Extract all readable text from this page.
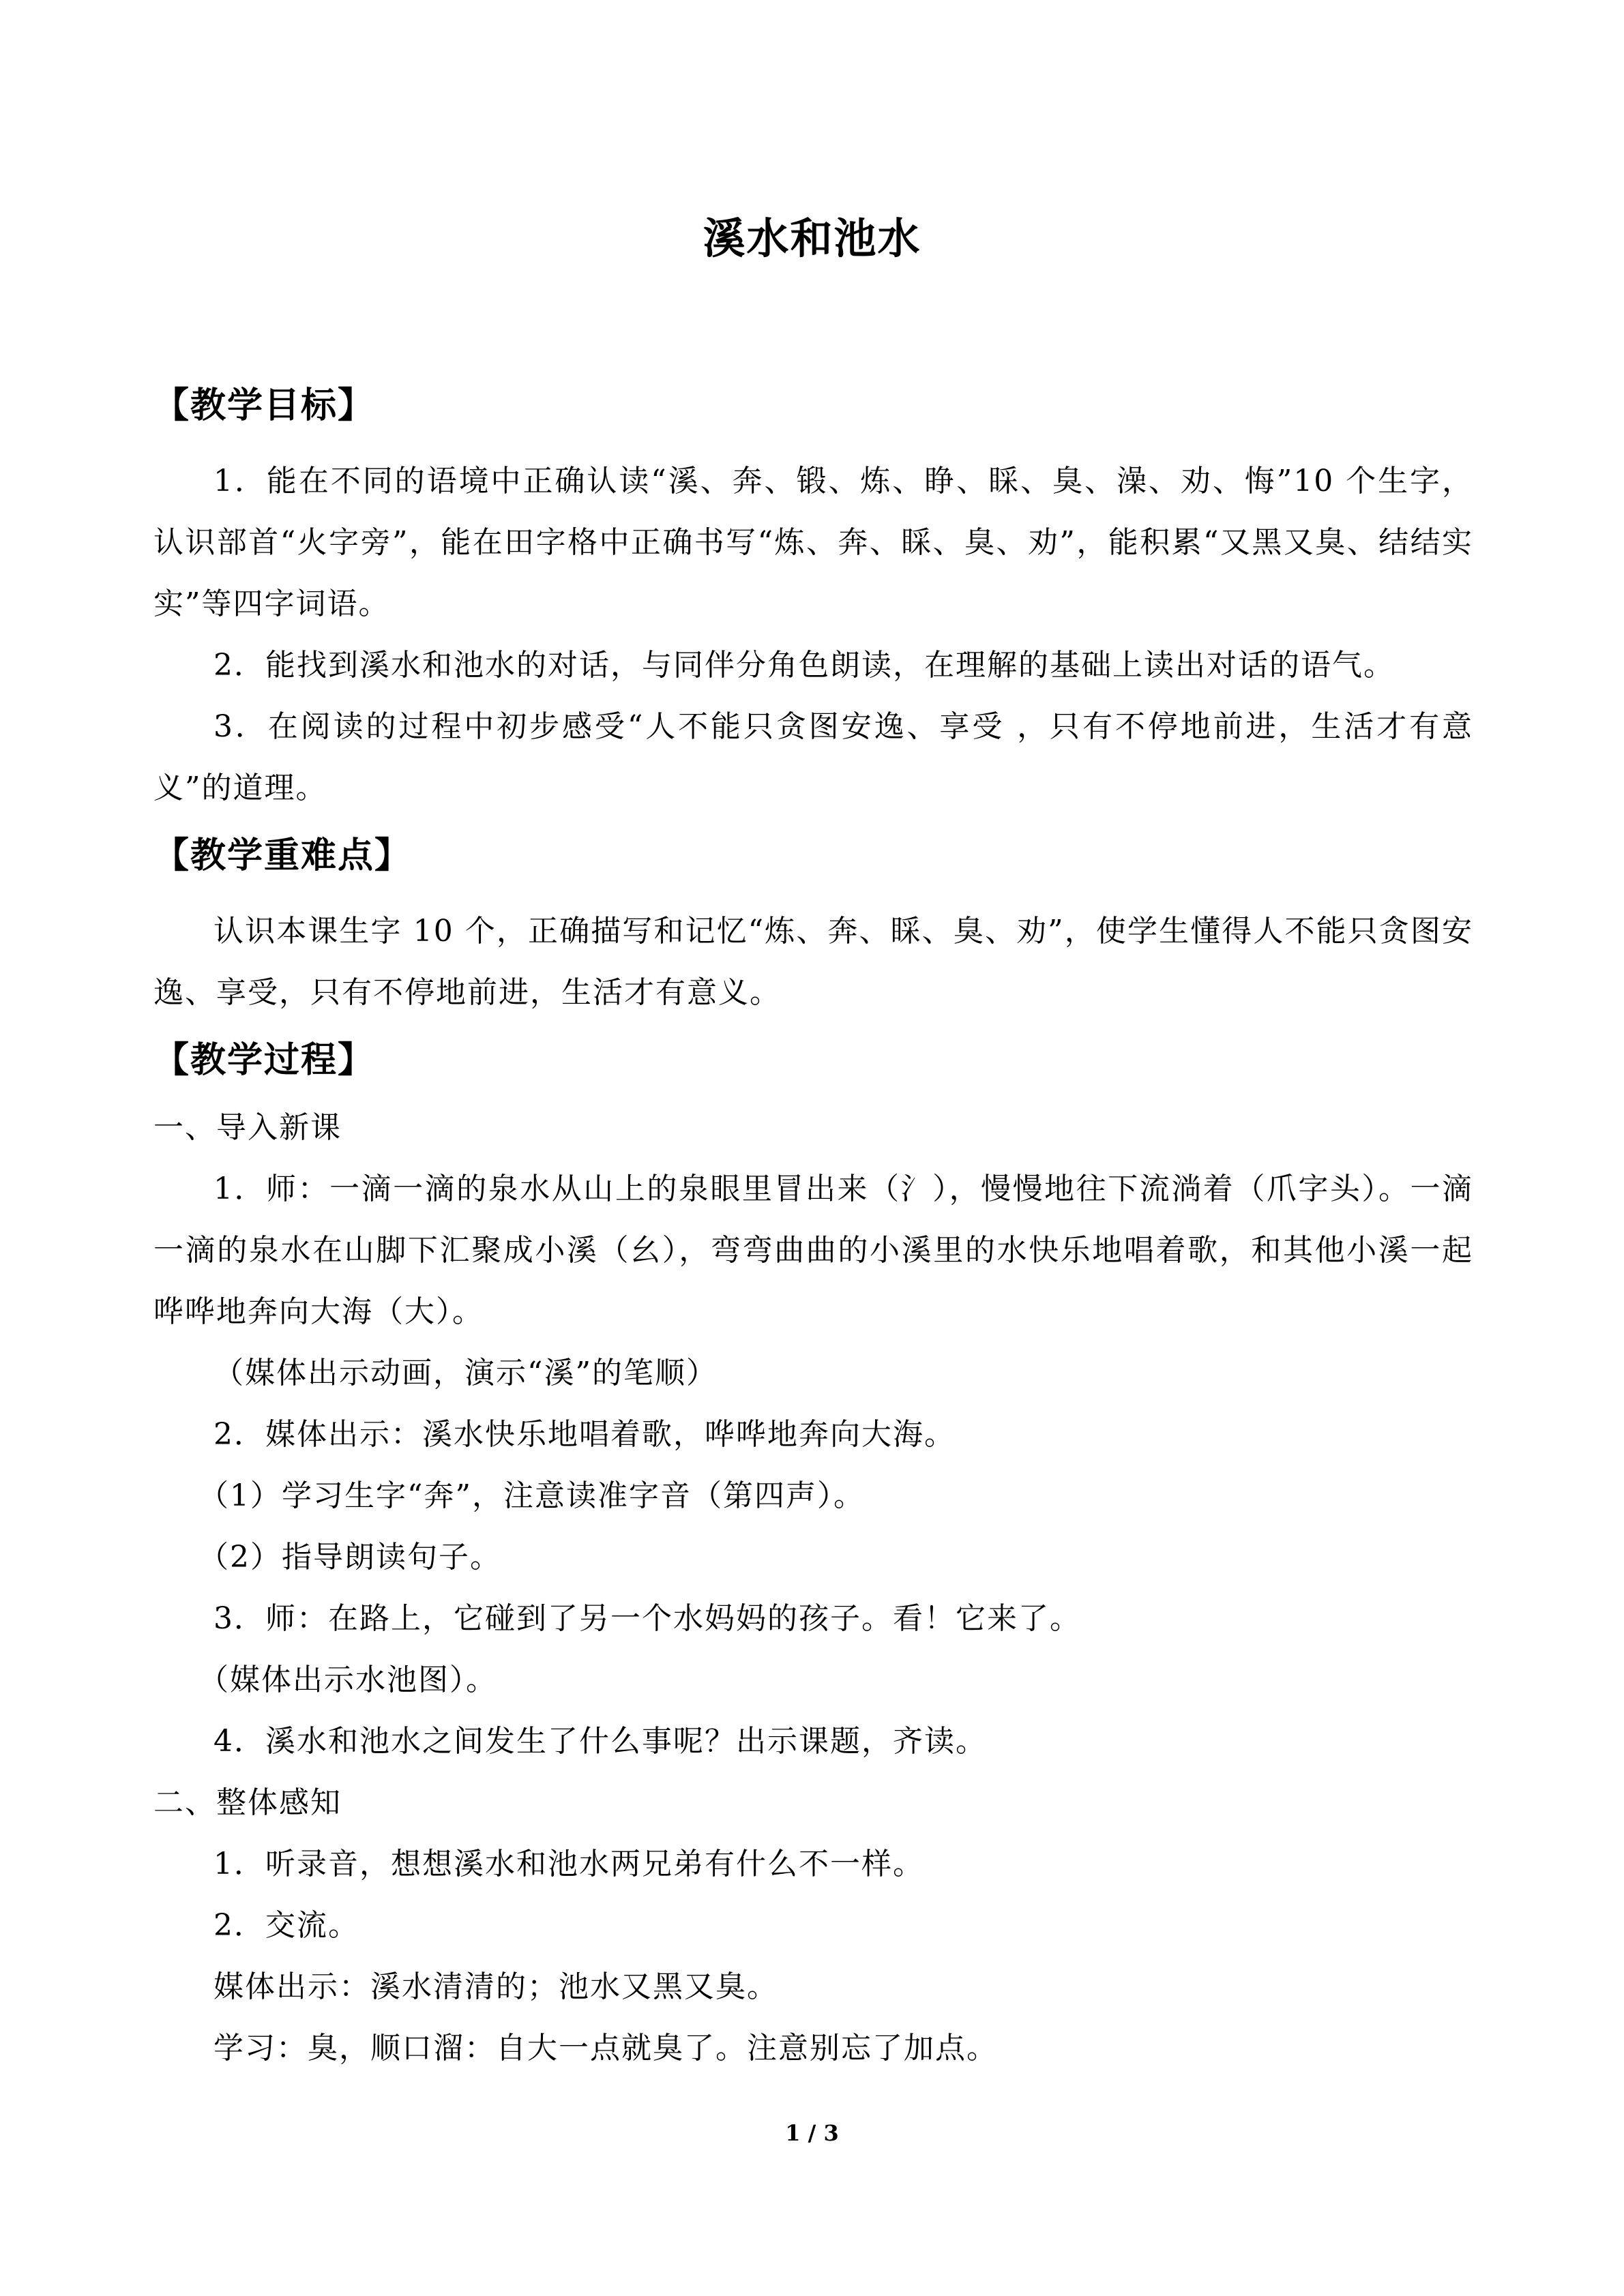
溪水和池水

【教学目标】

1．能在不同的语境中正确认读“溪、奔、锻、炼、睁、睬、臭、澡、劝、悔”10 个生字，认识部首“火字旁”，能在田字格中正确书写“炼、奔、睬、臭、劝”，能积累“又黑又臭、结结实实”等四字词语。

2．能找到溪水和池水的对话，与同伴分角色朗读，在理解的基础上读出对话的语气。

3．在阅读的过程中初步感受“人不能只贪图安逸、享受 ，只有不停地前进，生活才有意义”的道理。

【教学重难点】

认识本课生字 10 个，正确描写和记忆“炼、奔、睬、臭、劝”，使学生懂得人不能只贪图安逸、享受，只有不停地前进，生活才有意义。

【教学过程】

一、导入新课

1．师：一滴一滴的泉水从山上的泉眼里冒出来（氵），慢慢地往下流淌着（爪字头）。一滴一滴的泉水在山脚下汇聚成小溪（幺），弯弯曲曲的小溪里的水快乐地唱着歌，和其他小溪一起哗哗地奔向大海（大）。

（媒体出示动画，演示“溪”的笔顺）

2．媒体出示：溪水快乐地唱着歌，哗哗地奔向大海。

（1）学习生字“奔”，注意读准字音（第四声）。

（2）指导朗读句子。

3．师：在路上，它碰到了另一个水妈妈的孩子。看！它来了。

（媒体出示水池图）。

4．溪水和池水之间发生了什么事呢？出示课题，齐读。

二、整体感知

1．听录音，想想溪水和池水两兄弟有什么不一样。

2．交流。

媒体出示：溪水清清的；池水又黑又臭。

学习：臭，顺口溜：自大一点就臭了。注意别忘了加点。

1 / 3
